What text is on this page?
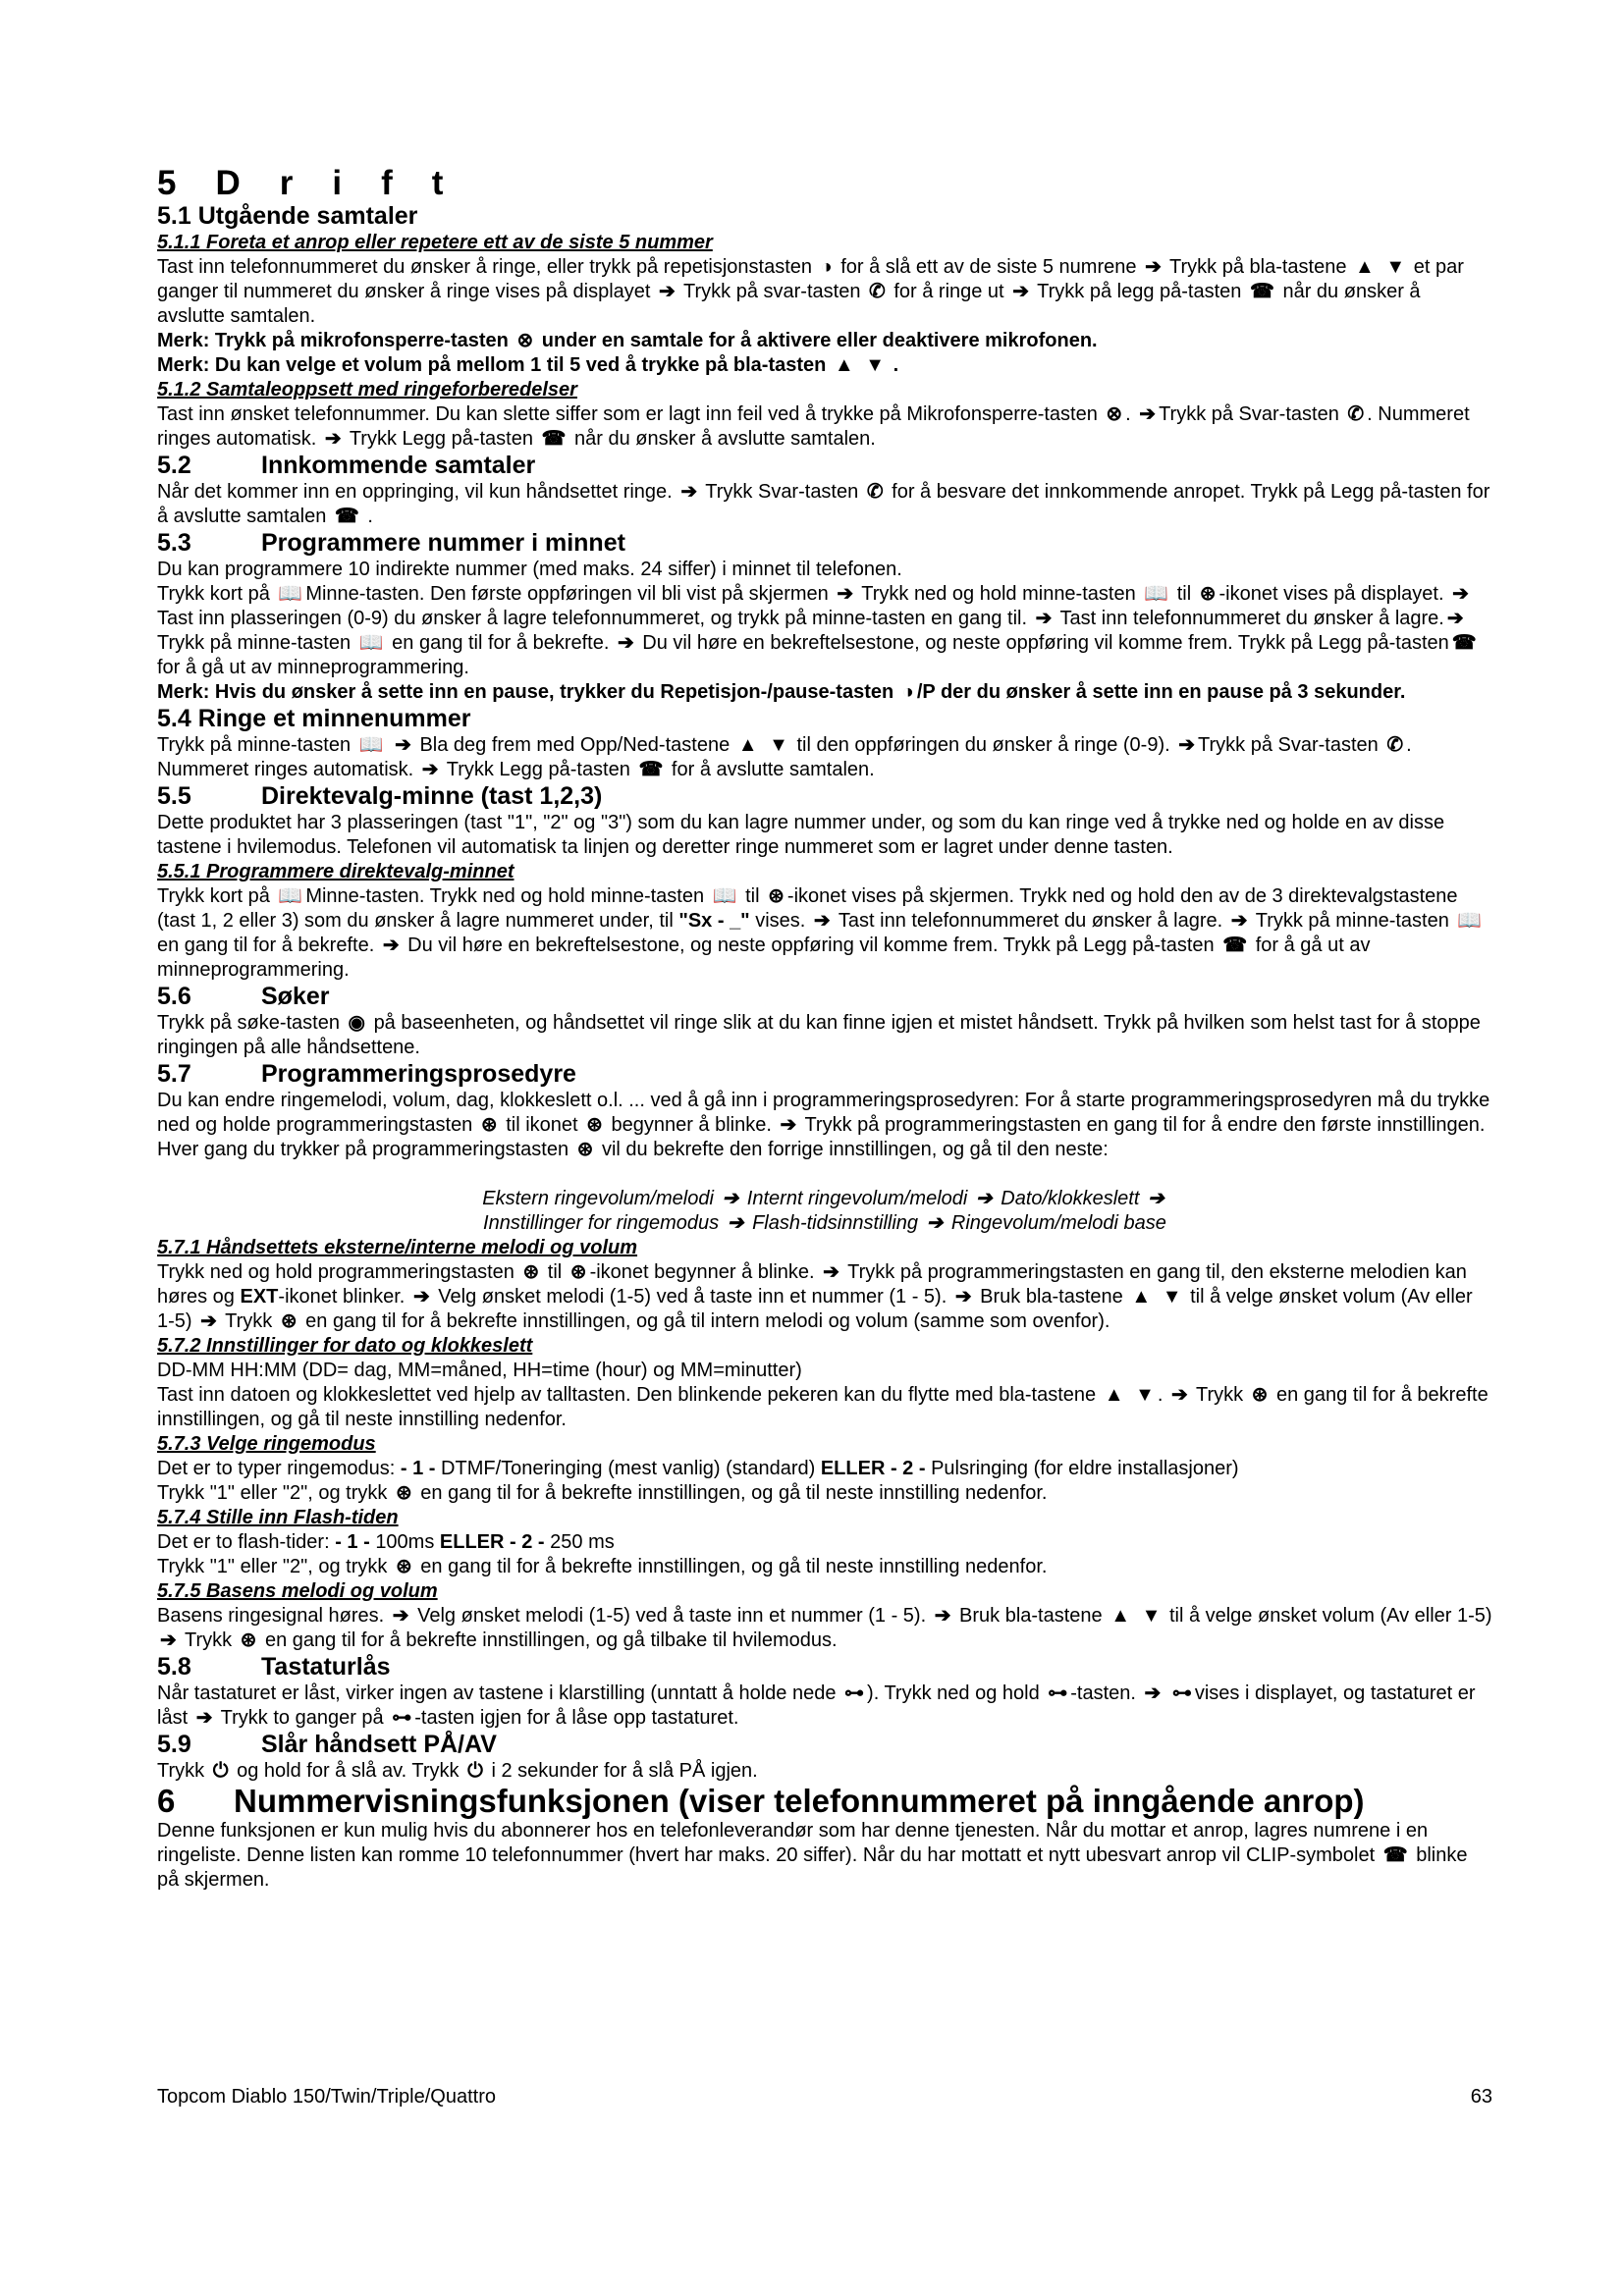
5 D r i f t

5.1 Utgående samtaler

5.1.1 Foreta et anrop eller repetere ett av de siste 5 nummer

Tast inn telefonnummeret du ønsker å ringe, eller trykk på repetisjonstasten ◑ for å slå ett av de siste 5 numrene ➔ Trykk på bla-tastene ▲ ▼ et par ganger til nummeret du ønsker å ringe vises på displayet ➔ Trykk på svar-tasten ✆ for å ringe ut ➔ Trykk på legg på-tasten ☎ når du ønsker å avslutte samtalen.

Merk: Trykk på mikrofonsperre-tasten ⊗ under en samtale for å aktivere eller deaktivere mikrofonen.

Merk: Du kan velge et volum på mellom 1 til 5 ved å trykke på bla-tasten ▲ ▼ .

5.1.2 Samtaleoppsett med ringeforberedelser

Tast inn ønsket telefonnummer. Du kan slette siffer som er lagt inn feil ved å trykke på Mikrofonsperre-tasten ⊗ . ➔ Trykk på Svar-tasten ✆ . Nummeret ringes automatisk. ➔ Trykk Legg på-tasten ☎ når du ønsker å avslutte samtalen.

5.2	Innkommende samtaler

Når det kommer inn en oppringing, vil kun håndsettet ringe. ➔ Trykk Svar-tasten ✆ for å besvare det innkommende anropet. Trykk på Legg på-tasten for å avslutte samtalen ☎ .

5.3	Programmere nummer i minnet

Du kan programmere 10 indirekte nummer (med maks. 24 siffer) i minnet til telefonen.

Trykk kort på 📖 Minne-tasten. Den første oppføringen vil bli vist på skjermen ➔ Trykk ned og hold minne-tasten 📖 til ⊛ -ikonet vises på displayet. ➔ Tast inn plasseringen (0-9) du ønsker å lagre telefonnummeret, og trykk på minne-tasten en gang til. ➔ Tast inn telefonnummeret du ønsker å lagre. ➔ Trykk på minne-tasten 📖 en gang til for å bekrefte. ➔ Du vil høre en bekreftelsestone, og neste oppføring vil komme frem. Trykk på Legg på-tasten ☎ for å gå ut av minneprogrammering.

Merk: Hvis du ønsker å sette inn en pause, trykker du Repetisjon-/pause-tasten ◑ /P der du ønsker å sette inn en pause på 3 sekunder.

5.4 Ringe et minnenummer

Trykk på minne-tasten 📖 ➔ Bla deg frem med Opp/Ned-tastene ▲ ▼ til den oppføringen du ønsker å ringe (0-9). ➔ Trykk på Svar-tasten ✆ . Nummeret ringes automatisk. ➔ Trykk Legg på-tasten ☎ for å avslutte samtalen.

5.5	Direktevalg-minne (tast 1,2,3)

Dette produktet har 3 plasseringen (tast "1", "2" og "3") som du kan lagre nummer under, og som du kan ringe ved å trykke ned og holde en av disse tastene i hvilemodus. Telefonen vil automatisk ta linjen og deretter ringe nummeret som er lagret under denne tasten.

5.5.1 Programmere direktevalg-minnet

Trykk kort på 📖 Minne-tasten. Trykk ned og hold minne-tasten 📖 til ⊛ -ikonet vises på skjermen. Trykk ned og hold den av de 3 direktevalgstastene (tast 1, 2 eller 3) som du ønsker å lagre nummeret under, til "Sx - _" vises. ➔ Tast inn telefonnummeret du ønsker å lagre. ➔ Trykk på minne-tasten 📖 en gang til for å bekrefte. ➔ Du vil høre en bekreftelsestone, og neste oppføring vil komme frem. Trykk på Legg på-tasten ☎ for å gå ut av minneprogrammering.

5.6	Søker

Trykk på søke-tasten ◉ på baseenheten, og håndsettet vil ringe slik at du kan finne igjen et mistet håndsett. Trykk på hvilken som helst tast for å stoppe ringingen på alle håndsettene.

5.7	Programmeringsprosedyre

Du kan endre ringemelodi, volum, dag, klokkeslett o.l. ... ved å gå inn i programmeringsprosedyren: For å starte programmeringsprosedyren må du trykke ned og holde programmeringstasten ⊛ til ikonet ⊛ begynner å blinke. ➔ Trykk på programmeringstasten en gang til for å endre den første innstillingen. Hver gang du trykker på programmeringstasten ⊛ vil du bekrefte den forrige innstillingen, og gå til den neste:

Ekstern ringevolum/melodi ➔ Internt ringevolum/melodi ➔ Dato/klokkeslett ➔

Innstillinger for ringemodus ➔ Flash-tidsinnstilling ➔ Ringevolum/melodi base

5.7.1 Håndsettets eksterne/interne melodi og volum

Trykk ned og hold programmeringstasten ⊛ til ⊛ -ikonet begynner å blinke. ➔ Trykk på programmeringstasten en gang til, den eksterne melodien kan høres og EXT-ikonet blinker. ➔ Velg ønsket melodi (1-5) ved å taste inn et nummer (1 - 5). ➔ Bruk bla-tastene ▲ ▼ til å velge ønsket volum (Av eller 1-5) ➔ Trykk ⊛ en gang til for å bekrefte innstillingen, og gå til intern melodi og volum (samme som ovenfor).

5.7.2 Innstillinger for dato og klokkeslett

DD-MM HH:MM (DD= dag, MM=måned, HH=time (hour) og MM=minutter)

Tast inn datoen og klokkeslettet ved hjelp av talltasten. Den blinkende pekeren kan du flytte med bla-tastene ▲ ▼ . ➔ Trykk ⊛ en gang til for å bekrefte innstillingen, og gå til neste innstilling nedenfor.

5.7.3 Velge ringemodus

Det er to typer ringemodus: - 1 - DTMF/Toneringing (mest vanlig) (standard) ELLER - 2 - Pulsringing (for eldre installasjoner)

Trykk "1" eller "2", og trykk ⊛ en gang til for å bekrefte innstillingen, og gå til neste innstilling nedenfor.

5.7.4 Stille inn Flash-tiden

Det er to flash-tider: - 1 - 100ms ELLER - 2 - 250 ms

Trykk "1" eller "2", og trykk ⊛ en gang til for å bekrefte innstillingen, og gå til neste innstilling nedenfor.

5.7.5 Basens melodi og volum

Basens ringesignal høres. ➔ Velg ønsket melodi (1-5) ved å taste inn et nummer (1 - 5). ➔ Bruk bla-tastene ▲ ▼ til å velge ønsket volum (Av eller 1-5) ➔ Trykk ⊛ en gang til for å bekrefte innstillingen, og gå tilbake til hvilemodus.

5.8	Tastaturlås

Når tastaturet er låst, virker ingen av tastene i klarstilling (unntatt å holde nede ⊶ ). Trykk ned og hold ⊶ -tasten. ➔ ⊶ vises i displayet, og tastaturet er låst ➔ Trykk to ganger på ⊶ -tasten igjen for å låse opp tastaturet.

5.9	Slår håndsett PÅ/AV

Trykk ⏻ og hold for å slå av. Trykk ⏻ i 2 sekunder for å slå PÅ igjen.

6 Nummervisningsfunksjonen (viser telefonnummeret på inngående anrop)

Denne funksjonen er kun mulig hvis du abonnerer hos en telefonleverandør som har denne tjenesten. Når du mottar et anrop, lagres numrene i en ringeliste. Denne listen kan romme 10 telefonnummer (hvert har maks. 20 siffer). Når du har mottatt et nytt ubesvart anrop vil CLIP-symbolet ☎ blinke på skjermen.

Topcom Diablo 150/Twin/Triple/Quattro	63
